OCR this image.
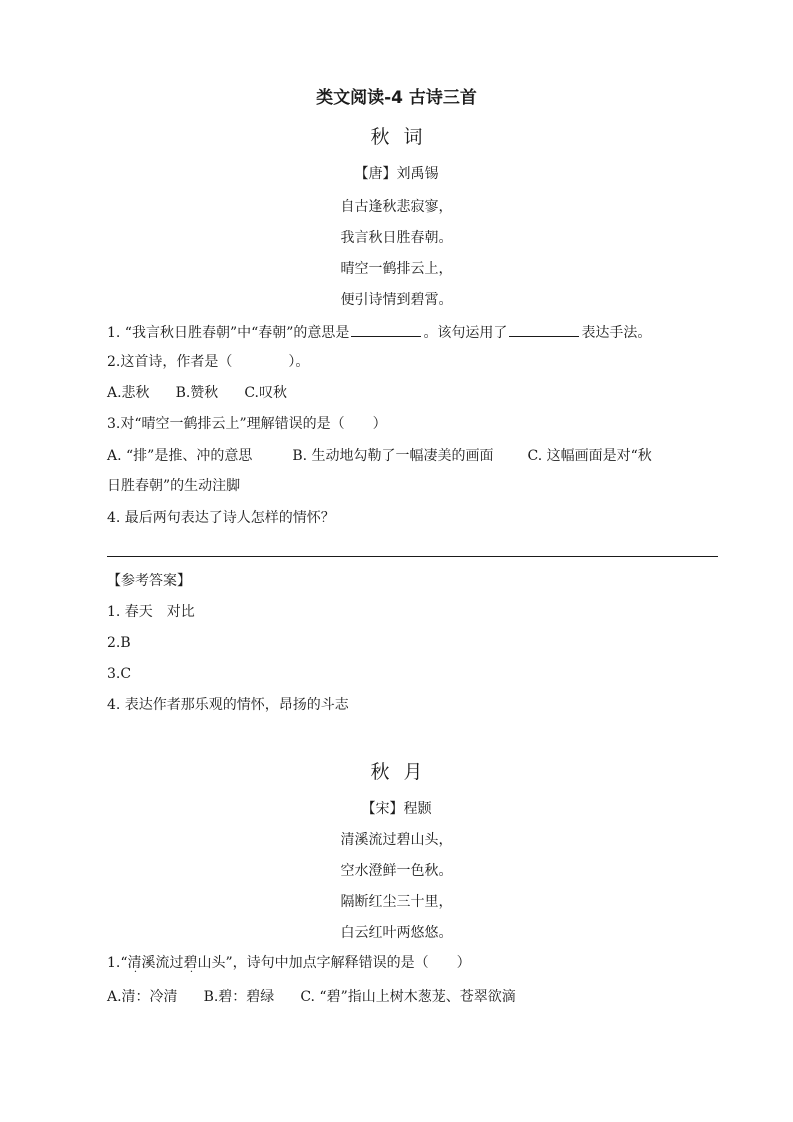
类文阅读-4 古诗三首
秋 词
【唐】刘禹锡
自古逢秋悲寂寥，
我言秋日胜春朝。
晴空一鹤排云上，
便引诗情到碧霄。
1. “我言秋日胜春朝”中“春朝”的意思是	。该句运用了	表达手法。
2.这首诗，作者是（　　　　）。
A.悲秋 B.赞秋 C.叹秋
3.对“晴空一鹤排云上”理解错误的是（　　）
A. “排”是推、冲的意思	B. 生动地勾勒了一幅凄美的画面 C. 这幅画面是对“秋
日胜春朝”的生动注脚
4. 最后两句表达了诗人怎样的情怀？
【参考答案】
1. 春天　对比
2.B
3.C
4. 表达作者那乐观的情怀，昂扬的斗志
秋 月
【宋】程颢
清溪流过碧山头，
空水澄鲜一色秋。
隔断红尘三十里，
白云红叶两悠悠。
1.“清溪流过碧山头”，诗句中加点字解释错误的是（　　）
A.清：冷清 B.碧：碧绿 C. “碧”指山上树木葱茏、苍翠欲滴
